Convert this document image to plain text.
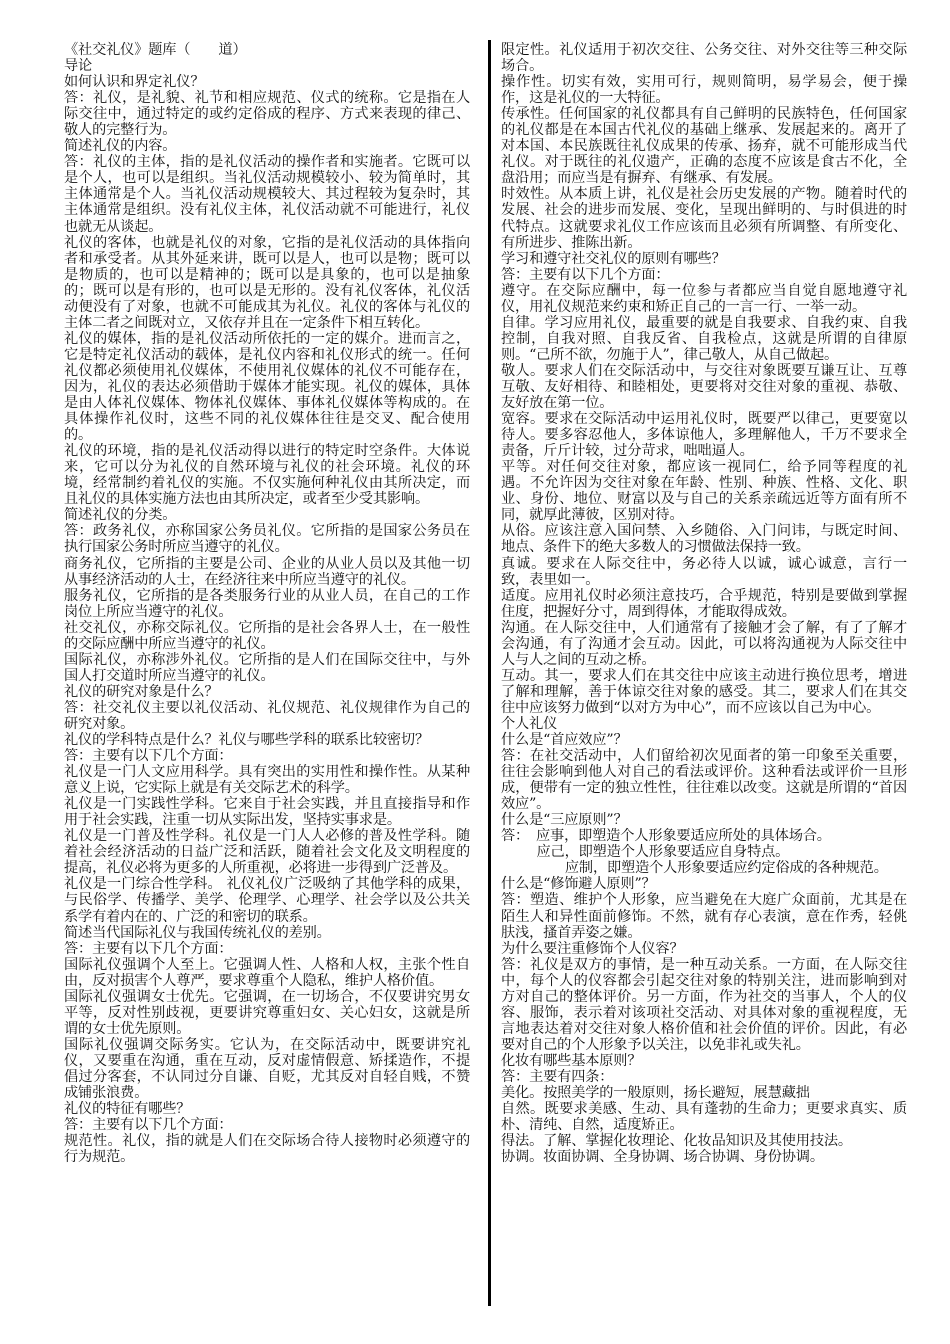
《社交礼仪》题库（　　道）

导论

如何认识和界定礼仪？

答：礼仪，是礼貌、礼节和相应规范、仪式的统称。它是指在人际交往中，通过特定的或约定俗成的程序、方式来表现的律己、敬人的完整行为。

简述礼仪的内容。

答：礼仪的主体，指的是礼仪活动的操作者和实施者。它既可以是个人，也可以是组织。当礼仪活动规模较小、较为简单时，其主体通常是个人。当礼仪活动规模较大、其过程较为复杂时，其主体通常是组织。没有礼仪主体，礼仪活动就不可能进行，礼仪也就无从谈起。

礼仪的客体，也就是礼仪的对象，它指的是礼仪活动的具体指向者和承受者。从其外延来讲，既可以是人，也可以是物；既可以是物质的，也可以是精神的；既可以是具象的，也可以是抽象的；既可以是有形的，也可以是无形的。没有礼仪客体，礼仪活动便没有了对象，也就不可能成其为礼仪。礼仪的客体与礼仪的主体二者之间既对立，又依存并且在一定条件下相互转化。

礼仪的媒体，指的是礼仪活动所依托的一定的媒介。进而言之，它是特定礼仪活动的载体，是礼仪内容和礼仪形式的统一。任何礼仪都必须使用礼仪媒体，不使用礼仪媒体的礼仪不可能存在，因为，礼仪的表达必须借助于媒体才能实现。礼仪的媒体，具体是由人体礼仪媒体、物体礼仪媒体、事体礼仪媒体等构成的。在具体操作礼仪时，这些不同的礼仪媒体往往是交叉、配合使用的。

礼仪的环境，指的是礼仪活动得以进行的特定时空条件。大体说来，它可以分为礼仪的自然环境与礼仪的社会环境。礼仪的环境，经常制约着礼仪的实施。不仅实施何种礼仪由其所决定，而且礼仪的具体实施方法也由其所决定，或者至少受其影响。

简述礼仪的分类。

答：政务礼仪，亦称国家公务员礼仪。它所指的是国家公务员在执行国家公务时所应当遵守的礼仪。

商务礼仪，它所指的主要是公司、企业的从业人员以及其他一切从事经济活动的人士，在经济往来中所应当遵守的礼仪。

服务礼仪，它所指的是各类服务行业的从业人员，在自己的工作岗位上所应当遵守的礼仪。

社交礼仪，亦称交际礼仪。它所指的是社会各界人士，在一般性的交际应酬中所应当遵守的礼仪。

国际礼仪，亦称涉外礼仪。它所指的是人们在国际交往中，与外国人打交道时所应当遵守的礼仪。

礼仪的研究对象是什么？

答：社交礼仪主要以礼仪活动、礼仪规范、礼仪规律作为自己的研究对象。

礼仪的学科特点是什么？礼仪与哪些学科的联系比较密切？

答：主要有以下几个方面：

礼仪是一门人文应用科学。具有突出的实用性和操作性。从某种意义上说，它实际上就是有关交际艺术的科学。

礼仪是一门实践性学科。它来自于社会实践，并且直接指导和作用于社会实践，注重一切从实际出发，坚持实事求是。

礼仪是一门普及性学科。礼仪是一门人人必修的普及性学科。随着社会经济活动的日益广泛和活跃，随着社会文化及文明程度的提高，礼仪必将为更多的人所重视，必将进一步得到广泛普及。

礼仪是一门综合性学科。 礼仪礼仪广泛吸纳了其他学科的成果，与民俗学、传播学、美学、伦理学、心理学、社会学以及公共关系学有着内在的、广泛的和密切的联系。

简述当代国际礼仪与我国传统礼仪的差别。

答：主要有以下几个方面：

国际礼仪强调个人至上。它强调人性、人格和人权，主张个性自由，反对损害个人尊严，要求尊重个人隐私，维护人格价值。

国际礼仪强调女士优先。它强调，在一切场合，不仅要讲究男女平等，反对性别歧视，更要讲究尊重妇女、关心妇女，这就是所谓的女士优先原则。

国际礼仪强调交际务实。它认为，在交际活动中，既要讲究礼仪，又要重在沟通，重在互动，反对虚情假意、矫揉造作，不提倡过分客套，不认同过分自谦、自贬，尤其反对自轻自贱，不赞成铺张浪费。

礼仪的特征有哪些？

答：主要有以下几个方面：

规范性。礼仪，指的就是人们在交际场合待人接物时必须遵守的行为规范。

限定性。礼仪适用于初次交往、公务交往、对外交往等三种交际场合。

操作性。切实有效，实用可行，规则简明，易学易会，便于操作，这是礼仪的一大特征。

传承性。任何国家的礼仪都具有自己鲜明的民族特色，任何国家的礼仪都是在本国古代礼仪的基础上继承、发展起来的。离开了对本国、本民族既往礼仪成果的传承、扬弃，就不可能形成当代礼仪。对于既往的礼仪遗产，正确的态度不应该是食古不化，全盘沿用；而应当是有摒弃、有继承、有发展。

时效性。从本质上讲，礼仪是社会历史发展的产物。随着时代的发展、社会的进步而发展、变化，呈现出鲜明的、与时俱进的时代特点。这就要求礼仪工作应该而且必须有所调整、有所变化、有所进步、推陈出新。

学习和遵守社交礼仪的原则有哪些？

答：主要有以下几个方面：

遵守。在交际应酬中，每一位参与者都应当自觉自愿地遵守礼仪，用礼仪规范来约束和矫正自己的一言一行、一举一动。

自律。学习应用礼仪，最重要的就是自我要求、自我约束、自我控制，自我对照、自我反省、自我检点，这就是所谓的自律原则。“己所不欲，勿施于人”，律己敬人，从自己做起。

敬人。要求人们在交际活动中，与交往对象既要互谦互让、互尊互敬、友好相待、和睦相处，更要将对交往对象的重视、恭敬、友好放在第一位。

宽容。要求在交际活动中运用礼仪时，既要严以律己，更要宽以待人。要多容忍他人，多体谅他人，多理解他人，千万不要求全责备，斤斤计较，过分苛求，咄咄逼人。

平等。对任何交往对象，都应该一视同仁，给予同等程度的礼遇。不允许因为交往对象在年龄、性别、种族、性格、文化、职业、身份、地位、财富以及与自己的关系亲疏远近等方面有所不同，就厚此薄彼，区别对待。

从俗。应该注意入国问禁、入乡随俗、入门问讳，与既定时间、地点、条件下的绝大多数人的习惯做法保持一致。

真诚。要求在人际交往中，务必待人以诚，诚心诚意，言行一致，表里如一。

适度。应用礼仪时必须注意技巧，合乎规范，特别是要做到掌握住度，把握好分寸，周到得体，才能取得成效。

沟通。在人际交往中，人们通常有了接触才会了解，有了了解才会沟通，有了沟通才会互动。因此，可以将沟通视为人际交往中人与人之间的互动之桥。

互动。其一，要求人们在其交往中应该主动进行换位思考，增进了解和理解，善于体谅交往对象的感受。其二，要求人们在其交往中应该努力做到“以对方为中心”，而不应该以自己为中心。

个人礼仪

什么是“首应效应”？

答：在社交活动中，人们留给初次见面者的第一印象至关重要，往往会影响到他人对自己的看法或评价。这种看法或评价一旦形成，便带有一定的独立性性，往往难以改变。这就是所谓的“首因效应”。

什么是“三应原则”？

答：　应事，即塑造个人形象要适应所处的具体场合。

应己，即塑造个人形象要适应自身特点。

应制，即塑造个人形象要适应约定俗成的各种规范。

什么是“修饰避人原则”？

答：塑造、维护个人形象，应当避免在大庭广众面前，尤其是在陌生人和异性面前修饰。不然，就有存心表演，意在作秀，轻佻肤浅，搔首弄姿之嫌。

为什么要注重修饰个人仪容？

答：礼仪是双方的事情，是一种互动关系。一方面，在人际交往中，每个人的仪容都会引起交往对象的特别关注，进而影响到对方对自己的整体评价。另一方面，作为社交的当事人，个人的仪容、服饰，表示着对该项社交活动、对具体对象的重视程度，无言地表达着对交往对象人格价值和社会价值的评价。因此，有必要对自己的个人形象予以关注，以免非礼或失礼。

化妆有哪些基本原则？

答：主要有四条：

美化。按照美学的一般原则，扬长避短，展慧藏拙

自然。既要求美感、生动、具有蓬勃的生命力；更要求真实、质朴、清纯、自然，适度矫正。

得法。了解、掌握化妆理论、化妆品知识及其使用技法。

协调。妆面协调、全身协调、场合协调、身份协调。
